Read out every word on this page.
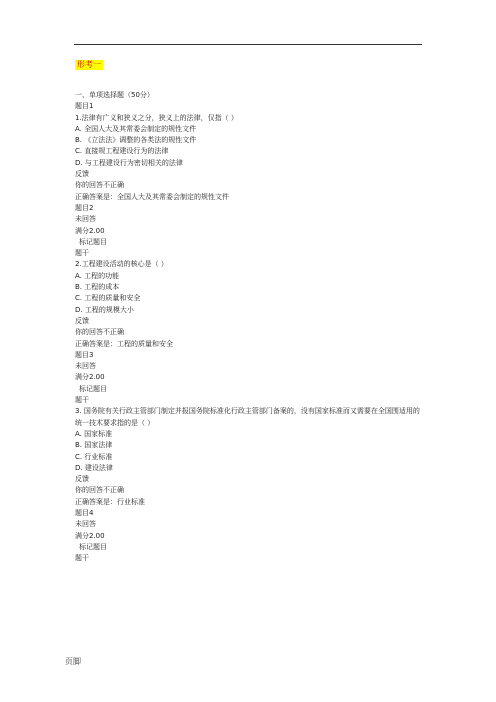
形考一
一、单项选择题（50分）
题目1
1.法律有广义和狭义之分，狭义上的法律，仅指（ ）
A. 全国人大及其常委会制定的规性文件
B. 《立法法》调整的各类法的规性文件
C. 直接规工程建设行为的法律
D. 与工程建设行为密切相关的法律
反馈
你的回答不正确
正确答案是：全国人大及其常委会制定的规性文件
题目2
未回答
满分2.00
标记题目
题干
2.工程建设活动的核心是（ ）
A. 工程的功能
B. 工程的成本
C. 工程的质量和安全
D. 工程的规模大小
反馈
你的回答不正确
正确答案是：工程的质量和安全
题目3
未回答
满分2.00
标记题目
题干
3. 国务院有关行政主管部门制定并报国务院标准化行政主管部门备案的，没有国家标准而又需要在全国围适用的统一技术要求指的是（ ）
A. 国家标准
B. 国家法律
C. 行业标准
D. 建设法律
反馈
你的回答不正确
正确答案是：行业标准
题目4
未回答
满分2.00
标记题目
题干
页脚
